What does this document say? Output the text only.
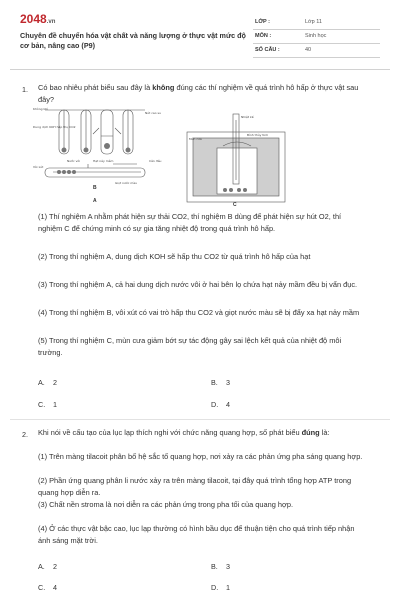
2048.vn
Chuyên đề chuyển hóa vật chất và năng lượng ở thực vật mức độ cơ bản, nâng cao (P9)
LỚP :	Lớp 11
MÔN :	Sinh học
SỐ CÂU :	40
1. Có bao nhiêu phát biểu sau đây là không đúng các thí nghiệm về quá trình hô hấp ở thực vật sau đây?
Không khí
Dung dịch KOH hấp thụ CO2
Nước vôi	Hạt nảy mầm
Nút cao su
Cân đầu
Vôi xút
Giọt nước màu
Nhiệt kế
Mùn cưa
Bình thủy tinh
A
B
C
(1) Thí nghiệm A nhằm phát hiện sự thải CO2, thí nghiệm B dùng để phát hiện sự hút O2, thí nghiệm C để chứng minh có sự gia tăng nhiệt độ trong quá trình hô hấp.
(2) Trong thí nghiệm A, dung dịch KOH sẽ hấp thu CO2 từ quá trình hô hấp của hạt
(3) Trong thí nghiệm A, cả hai dung dịch nước vôi ở hai bên lọ chứa hạt nảy mầm đều bị vẩn đục.
(4) Trong thí nghiệm B, vôi xút có vai trò hấp thu CO2 và giọt nước màu sẽ bị đẩy xa hạt nảy mầm
(5) Trong thí nghiệm C, mùn cưa giảm bớt sự tác động gây sai lệch kết quả của nhiệt độ môi trường.
A. 2	B. 3
C. 1	D. 4
2. Khi nói về cấu tạo của lục lạp thích nghi với chức năng quang hợp, số phát biểu đúng là:
(1) Trên màng tilacoit phân bố hệ sắc tố quang hợp, nơi xảy ra các phản ứng pha sáng quang hợp.
(2) Phần ứng quang phân li nước xảy ra trên màng tilacoit, tại đây quá trình tổng hợp ATP trong quang hợp diễn ra.
(3) Chất nền stroma là nơi diễn ra các phản ứng trong pha tối của quang hợp.
(4) Ở các thực vật bậc cao, lục lạp thường có hình bầu dục để thuận tiện cho quá trình tiếp nhận ánh sáng mặt trời.
A. 2	B. 3
C. 4	D. 1
